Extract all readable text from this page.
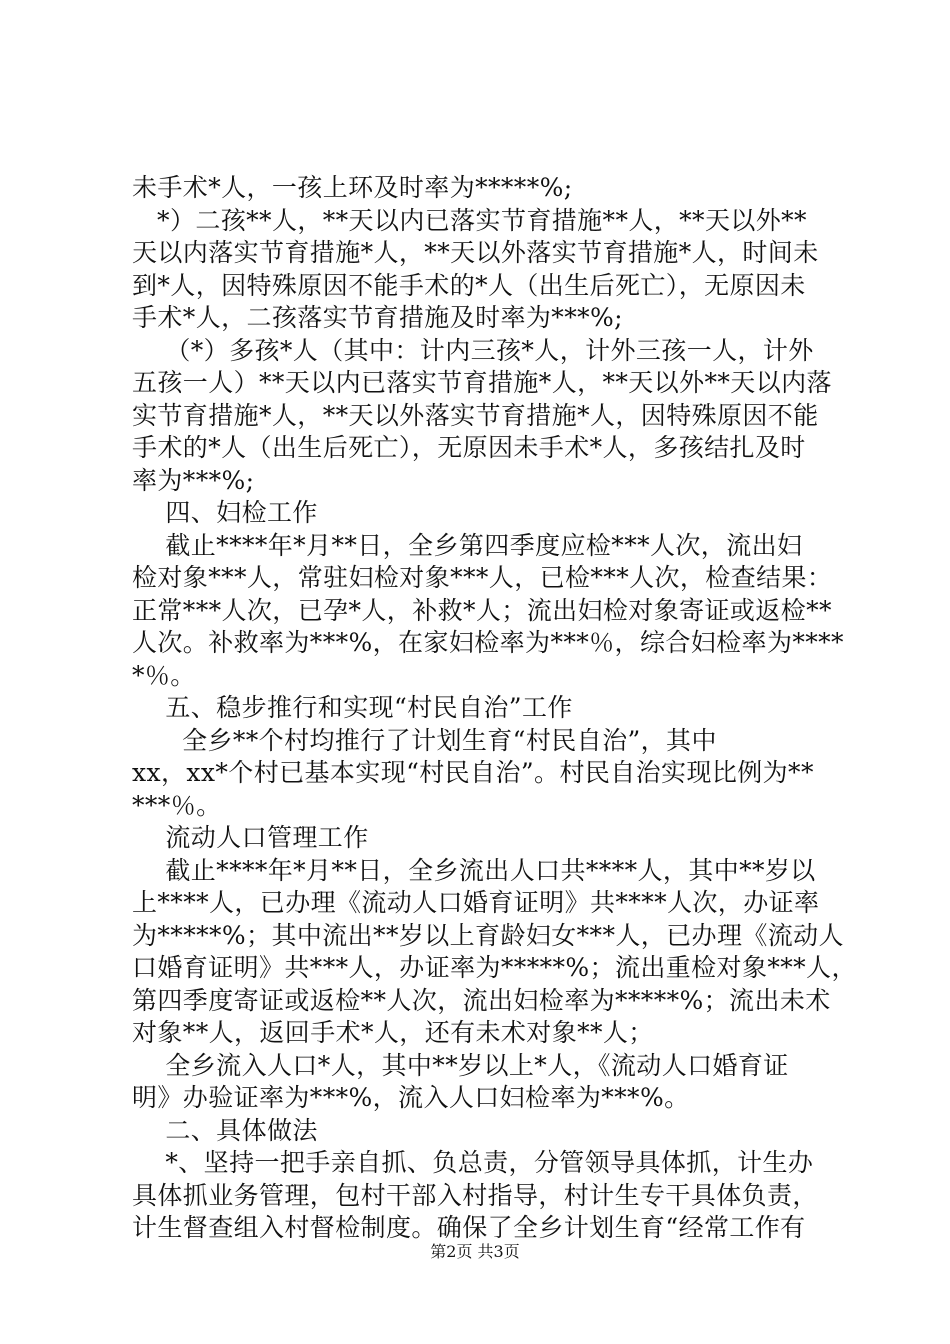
未手术*人，一孩上环及时率为*****%;
*）二孩**人，**天以内已落实节育措施**人，**天以外**
天以内落实节育措施*人，**天以外落实节育措施*人，时间未
到*人，因特殊原因不能手术的*人（出生后死亡），无原因未
手术*人，二孩落实节育措施及时率为***%;
（*）多孩*人（其中：计内三孩*人，计外三孩一人，计外
五孩一人）**天以内已落实节育措施*人，**天以外**天以内落
实节育措施*人，**天以外落实节育措施*人，因特殊原因不能
手术的*人（出生后死亡），无原因未手术*人，多孩结扎及时
率为***%;
四、妇检工作
截止****年*月**日，全乡第四季度应检***人次，流出妇
检对象***人，常驻妇检对象***人，已检***人次，检查结果：
正常***人次，已孕*人，补救*人；流出妇检对象寄证或返检**
人次。补救率为***%，在家妇检率为***％，综合妇检率为****
*％。
五、稳步推行和实现“村民自治”工作
全乡**个村均推行了计划生育“村民自治”，其中
xx，xx*个村已基本实现“村民自治”。村民自治实现比例为**
***％。
流动人口管理工作
截止****年*月**日，全乡流出人口共****人，其中**岁以
上****人，已办理《流动人口婚育证明》共****人次，办证率
为*****%；其中流出**岁以上育龄妇女***人，已办理《流动人
口婚育证明》共***人，办证率为*****%；流出重检对象***人，
第四季度寄证或返检**人次，流出妇检率为*****%；流出未术
对象**人，返回手术*人，还有未术对象**人；
全乡流入人口*人，其中**岁以上*人，《流动人口婚育证
明》办验证率为***%，流入人口妇检率为***%。
二、具体做法
*、坚持一把手亲自抓、负总责，分管领导具体抓，计生办
具体抓业务管理，包村干部入村指导，村计生专干具体负责，
计生督查组入村督检制度。确保了全乡计划生育“经常工作有
第2页 共3页
